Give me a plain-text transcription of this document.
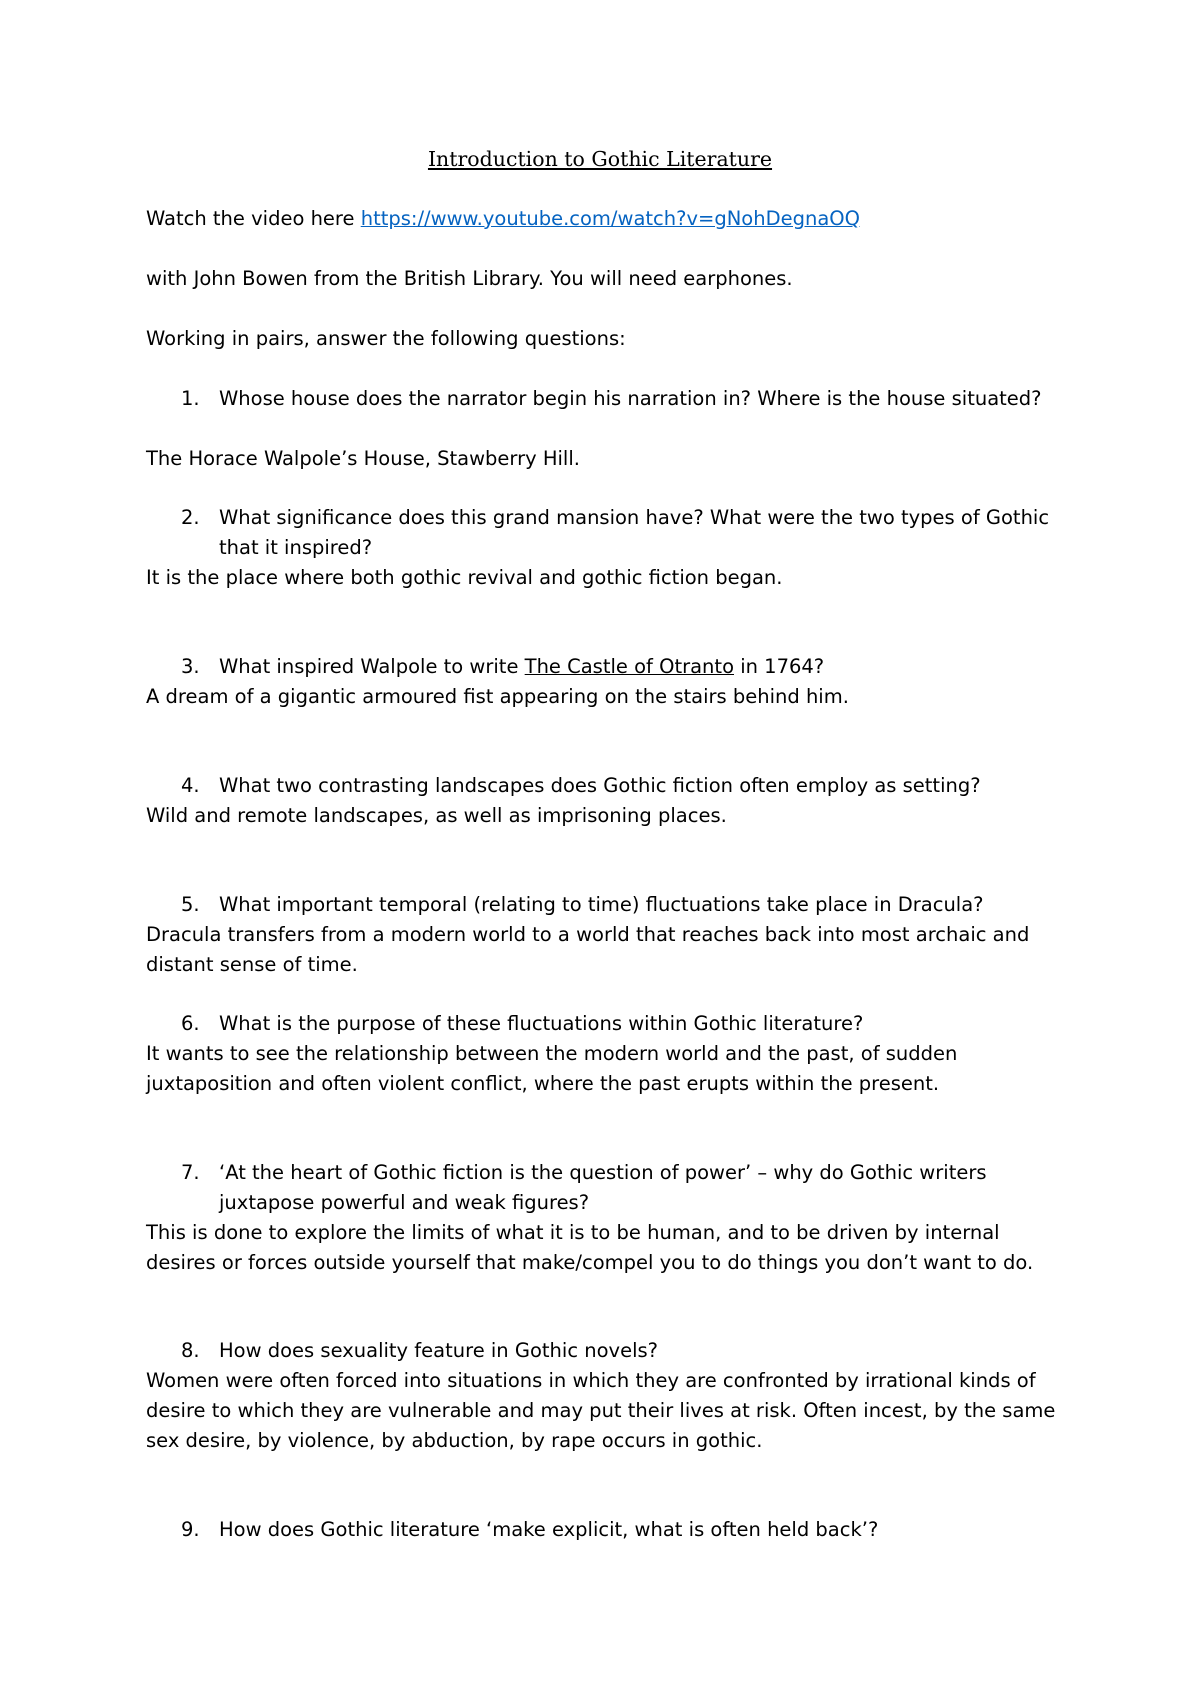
Introduction to Gothic Literature
Watch the video here https://www.youtube.com/watch?v=gNohDegnaOQ
with John Bowen from the British Library. You will need earphones.
Working in pairs, answer the following questions:
1. Whose house does the narrator begin his narration in? Where is the house situated?
The Horace Walpole’s House, Stawberry Hill.
2. What significance does this grand mansion have? What were the two types of Gothic
that it inspired?
It is the place where both gothic revival and gothic fiction began.
3. What inspired Walpole to write The Castle of Otranto in 1764?
A dream of a gigantic armoured fist appearing on the stairs behind him.
4. What two contrasting landscapes does Gothic fiction often employ as setting?
Wild and remote landscapes, as well as imprisoning places.
5. What important temporal (relating to time) fluctuations take place in Dracula?
Dracula transfers from a modern world to a world that reaches back into most archaic and
distant sense of time.
6. What is the purpose of these fluctuations within Gothic literature?
It wants to see the relationship between the modern world and the past, of sudden
juxtaposition and often violent conflict, where the past erupts within the present.
7. ‘At the heart of Gothic fiction is the question of power’ – why do Gothic writers
juxtapose powerful and weak figures?
This is done to explore the limits of what it is to be human, and to be driven by internal
desires or forces outside yourself that make/compel you to do things you don’t want to do.
8. How does sexuality feature in Gothic novels?
Women were often forced into situations in which they are confronted by irrational kinds of
desire to which they are vulnerable and may put their lives at risk. Often incest, by the same
sex desire, by violence, by abduction, by rape occurs in gothic.
9. How does Gothic literature ‘make explicit, what is often held back’?
